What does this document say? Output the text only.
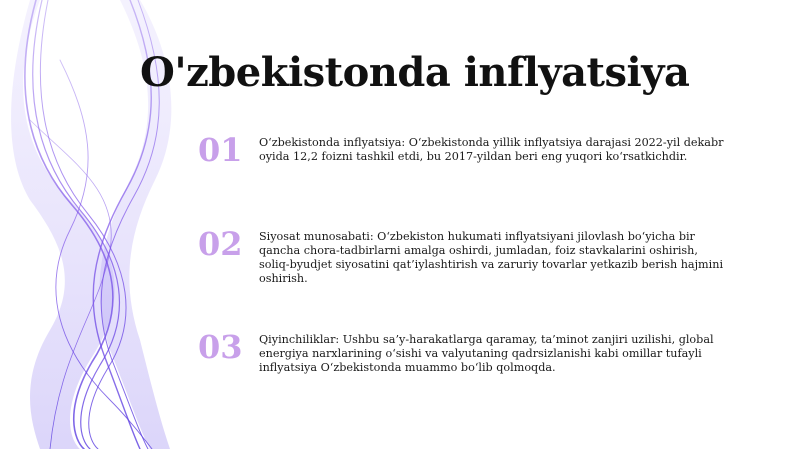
O'zbekistonda inflyatsiya
01	O‘zbekistonda inflyatsiya: O‘zbekistonda yillik inflyatsiya darajasi 2022-yil dekabr oyida 12,2 foizni tashkil etdi, bu 2017-yildan beri eng yuqori ko‘rsatkichdir.
02	Siyosat munosabati: O‘zbekiston hukumati inflyatsiyani jilovlash bo‘yicha bir qancha chora-tadbirlarni amalga oshirdi, jumladan, foiz stavkalarini oshirish, soliq-byudjet siyosatini qat’iylashtirish va zaruriy tovarlar yetkazib berish hajmini oshirish.
03	Qiyinchiliklar: Ushbu sa’y-harakatlarga qaramay, ta’minot zanjiri uzilishi, global energiya narxlarining o‘sishi va valyutaning qadrsizlanishi kabi omillar tufayli inflyatsiya O‘zbekistonda muammo bo‘lib qolmoqda.
